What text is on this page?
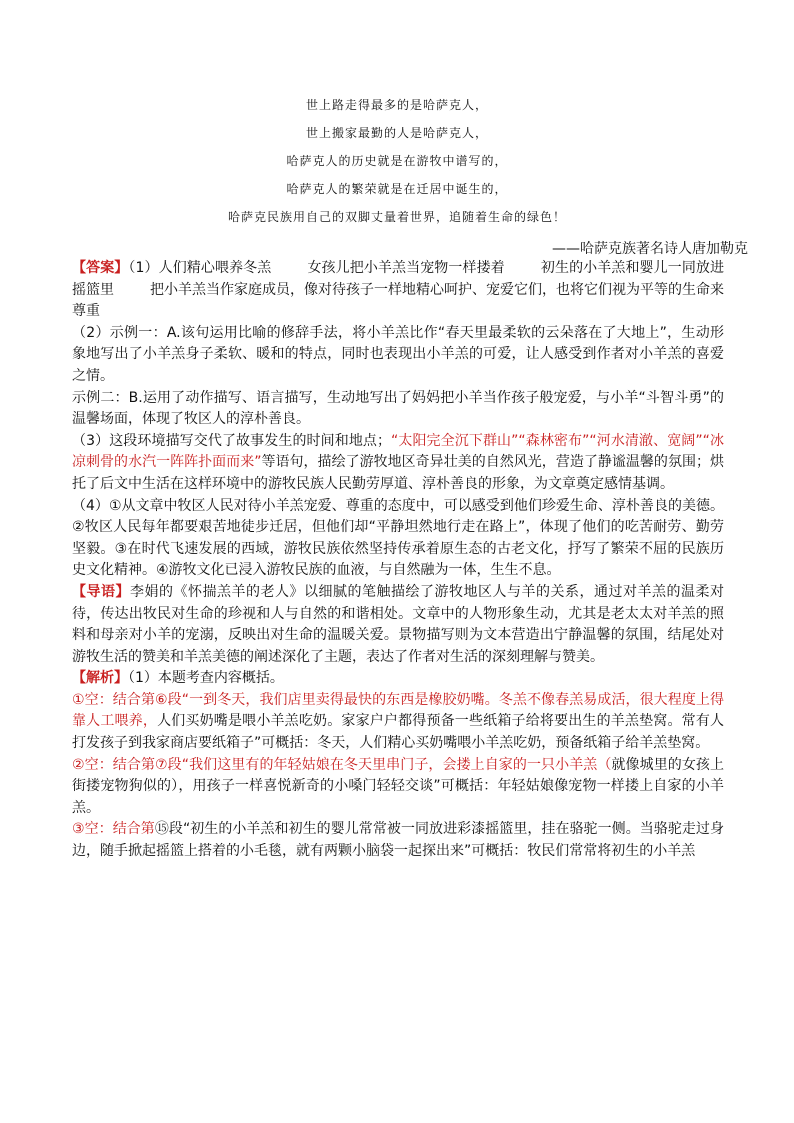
世上路走得最多的是哈萨克人，
世上搬家最勤的人是哈萨克人，
哈萨克人的历史就是在游牧中谱写的，
哈萨克人的繁荣就是在迁居中诞生的，
哈萨克民族用自己的双脚丈量着世界，追随着生命的绿色！
——哈萨克族著名诗人唐加勒克

【答案】（1）人们精心喂养冬羔	女孩儿把小羊羔当宠物一样搂着	初生的小羊羔和婴儿一同放进摇篮里	把小羊羔当作家庭成员，像对待孩子一样地精心呵护、宠爱它们，也将它们视为平等的生命来尊重

（2）示例一：A.该句运用比喻的修辞手法，将小羊羔比作“春天里最柔软的云朵落在了大地上”，生动形象地写出了小羊羔身子柔软、暖和的特点，同时也表现出小羊羔的可爱，让人感受到作者对小羊羔的喜爱之情。

示例二：B.运用了动作描写、语言描写，生动地写出了妈妈把小羊当作孩子般宠爱，与小羊“斗智斗勇”的温馨场面，体现了牧区人的淳朴善良。

（3）这段环境描写交代了故事发生的时间和地点；“太阳完全沉下群山”“森林密布”“河水清澈、宽阔”“冰凉刺骨的水汽一阵阵扑面而来”等语句，描绘了游牧地区奇异壮美的自然风光，营造了静谧温馨的氛围；烘托了后文中生活在这样环境中的游牧民族人民勤劳厚道、淳朴善良的形象，为文章奠定感情基调。

（4）①从文章中牧区人民对待小羊羔宠爱、尊重的态度中，可以感受到他们珍爱生命、淳朴善良的美德。②牧区人民每年都要艰苦地徒步迁居，但他们却“平静坦然地行走在路上”，体现了他们的吃苦耐劳、勤劳坚毅。③在时代飞速发展的西域，游牧民族依然坚持传承着原生态的古老文化，抒写了繁荣不屈的民族历史文化精神。④游牧文化已浸入游牧民族的血液，与自然融为一体，生生不息。

【导语】李娟的《怀揣羔羊的老人》以细腻的笔触描绘了游牧地区人与羊的关系，通过对羊羔的温柔对待，传达出牧民对生命的珍视和人与自然的和谐相处。文章中的人物形象生动，尤其是老太太对羊羔的照料和母亲对小羊的宠溺，反映出对生命的温暖关爱。景物描写则为文本营造出宁静温馨的氛围，结尾处对游牧生活的赞美和羊羔美德的阐述深化了主题，表达了作者对生活的深刻理解与赞美。

【解析】（1）本题考查内容概括。

①空：结合第⑥段“一到冬天，我们店里卖得最快的东西是橡胶奶嘴。冬羔不像春羔易成活，很大程度上得靠人工喂养，人们买奶嘴是喂小羊羔吃奶。家家户户都得预备一些纸箱子给将要出生的羊羔垫窝。常有人打发孩子到我家商店要纸箱子”可概括：冬天，人们精心买奶嘴喂小羊羔吃奶，预备纸箱子给羊羔垫窝。

②空：结合第⑦段“我们这里有的年轻姑娘在冬天里串门子，会搂上自家的一只小羊羔（就像城里的女孩上街搂宠物狗似的），用孩子一样喜悦新奇的小嗓门轻轻交谈”可概括：年轻姑娘像宠物一样搂上自家的小羊羔。

③空：结合第⑮段“初生的小羊羔和初生的婴儿常常被一同放进彩漆摇篮里，挂在骆驼一侧。当骆驼走过身边，随手掀起摇篮上搭着的小毛毯，就有两颗小脑袋一起探出来”可概括：牧民们常常将初生的小羊羔
